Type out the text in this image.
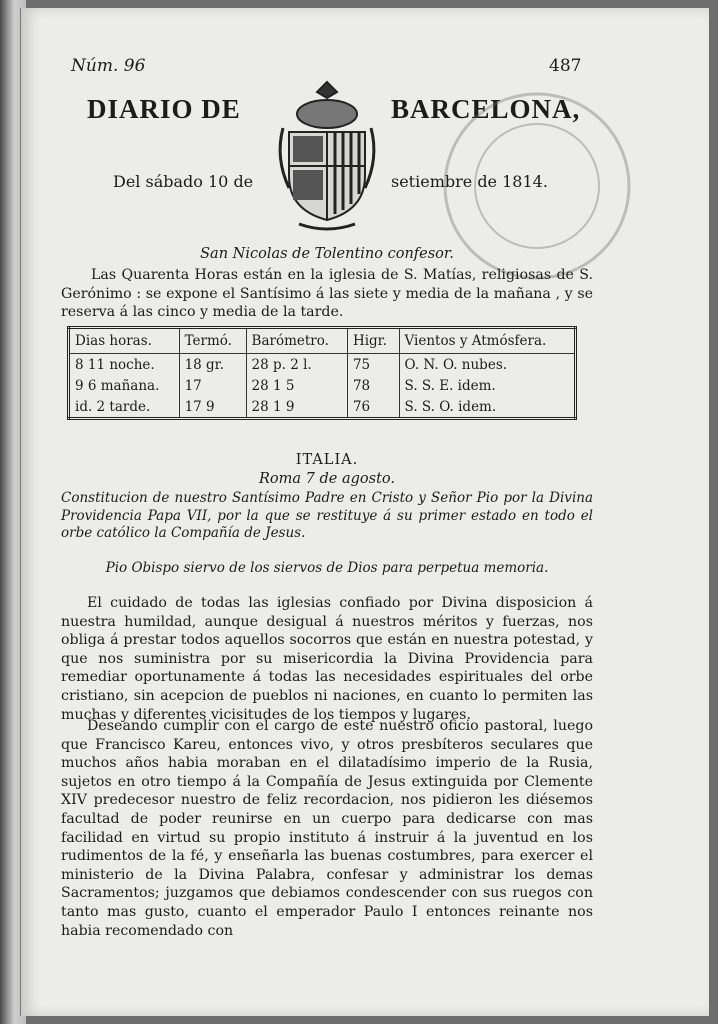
Núm. 96	487
DIARIO DE	BARCELONA,
Del sábado 10 de	setiembre de 1814.
San Nicolas de Tolentino confesor.
Las Quarenta Horas están en la iglesia de S. Matías, religiosas de S. Gerónimo : se expone el Santísimo á las siete y media de la mañana , y se reserva á las cinco y media de la tarde.
Dias horas.	Termó.	Barómetro.	Higr.	Vientos y Atmósfera.
8 11 noche.	18 gr.	28 p. 2 l.	75	O. N. O. nubes.
9 6 mañana.	17	28 1 5	78	S. S. E. idem.
id. 2 tarde.	17 9	28 1 9	76	S. S. O. idem.
ITALIA.
Roma 7 de agosto.
Constitucion de nuestro Santísimo Padre en Cristo y Señor Pio por la Divina Providencia Papa VII, por la que se restituye á su primer estado en todo el orbe católico la Compañía de Jesus.
Pio Obispo siervo de los siervos de Dios para perpetua memoria.
El cuidado de todas las iglesias confiado por Divina disposicion á nuestra humildad, aunque desigual á nuestros méritos y fuerzas, nos obliga á prestar todos aquellos socorros que están en nuestra potestad, y que nos suministra por su misericordia la Divina Providencia para remediar oportunamente á todas las necesidades espirituales del orbe cristiano, sin acepcion de pueblos ni naciones, en cuanto lo permiten las muchas y diferentes vicisitudes de los tiempos y lugares.
Deseando cumplir con el cargo de este nuestro oficio pastoral, luego que Francisco Kareu, entonces vivo, y otros presbíteros seculares que muchos años habia moraban en el dilatadísimo imperio de la Rusia, sujetos en otro tiempo á la Compañía de Jesus extinguida por Clemente XIV predecesor nuestro de feliz recordacion, nos pidieron les diésemos facultad de poder reunirse en un cuerpo para dedicarse con mas facilidad en virtud su propio instituto á instruir á la juventud en los rudimentos de la fé, y enseñarla las buenas costumbres, para exercer el ministerio de la Divina Palabra, confesar y administrar los demas Sacramentos; juzgamos que debiamos condescender con sus ruegos con tanto mas gusto, cuanto el emperador Paulo I entonces reinante nos habia recomendado con
